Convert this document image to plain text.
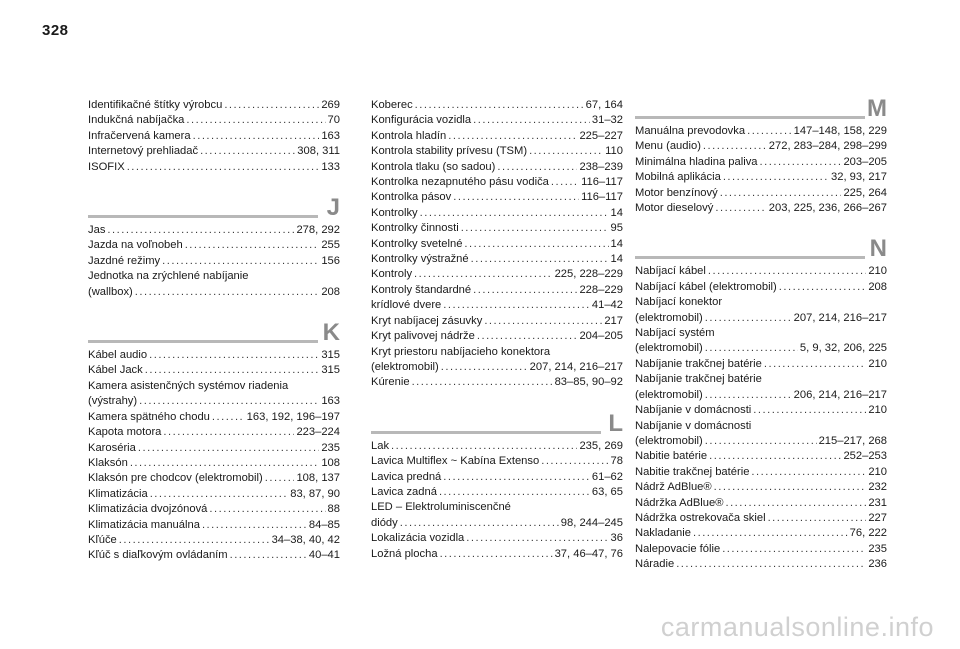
328
Identifikačné štítky výrobcu .....	269
Indukčná nabíjačka .....	70
Infračervená kamera .....	163
Internetový prehliadač .....	308, 311
ISOFIX .....	133
J
Jas .....	278, 292
Jazda na voľnobeh .....	255
Jazdné režimy .....	156
Jednotka na zrýchlené nabíjanie
(wallbox) .....	208
K
Kábel audio .....	315
Kábel Jack .....	315
Kamera asistenčných systémov riadenia
(výstrahy) .....	163
Kamera spätného chodu .....	163, 192, 196–197
Kapota motora .....	223–224
Karoséria .....	235
Klaksón .....	108
Klaksón pre chodcov (elektromobil) .....	108, 137
Klimatizácia .....	83, 87, 90
Klimatizácia dvojzónová .....	88
Klimatizácia manuálna .....	84–85
Kľúče .....	34–38, 40, 42
Kľúč s diaľkovým ovládaním .....	40–41
Koberec .....	67, 164
Konfigurácia vozidla .....	31–32
Kontrola hladín .....	225–227
Kontrola stability prívesu (TSM) .....	110
Kontrola tlaku (so sadou) .....	238–239
Kontrolka nezapnutého pásu vodiča .....	116–117
Kontrolka pásov .....	116–117
Kontrolky .....	14
Kontrolky činnosti .....	95
Kontrolky svetelné .....	14
Kontrolky výstražné .....	14
Kontroly .....	225, 228–229
Kontroly štandardné .....	228–229
krídlové dvere .....	41–42
Kryt nabíjacej zásuvky .....	217
Kryt palivovej nádrže .....	204–205
Kryt priestoru nabíjacieho konektora
(elektromobil) .....	207, 214, 216–217
Kúrenie .....	83–85, 90–92
L
Lak .....	235, 269
Lavica Multiflex ~ Kabína Extenso .....	78
Lavica predná .....	61–62
Lavica zadná .....	63, 65
LED – Elektroluminiscenčné
diódy .....	98, 244–245
Lokalizácia vozidla .....	36
Ložná plocha .....	37, 46–47, 76
M
Manuálna prevodovka .....	147–148, 158, 229
Menu (audio) .....	272, 283–284, 298–299
Minimálna hladina paliva .....	203–205
Mobilná aplikácia .....	32, 93, 217
Motor benzínový .....	225, 264
Motor dieselový .....	203, 225, 236, 266–267
N
Nabíjací kábel .....	210
Nabíjací kábel (elektromobil) .....	208
Nabíjací konektor
(elektromobil) .....	207, 214, 216–217
Nabíjací systém
(elektromobil) .....	5, 9, 32, 206, 225
Nabíjanie trakčnej batérie .....	210
Nabíjanie trakčnej batérie
(elektromobil) .....	206, 214, 216–217
Nabíjanie v domácnosti .....	210
Nabíjanie v domácnosti
(elektromobil) .....	215–217, 268
Nabitie batérie .....	252–253
Nabitie trakčnej batérie .....	210
Nádrž AdBlue® .....	232
Nádržka AdBlue® .....	231
Nádržka ostrekovača skiel .....	227
Nakladanie .....	76, 222
Nalepovacie fólie .....	235
Náradie .....	236
carmanualsonline.info
